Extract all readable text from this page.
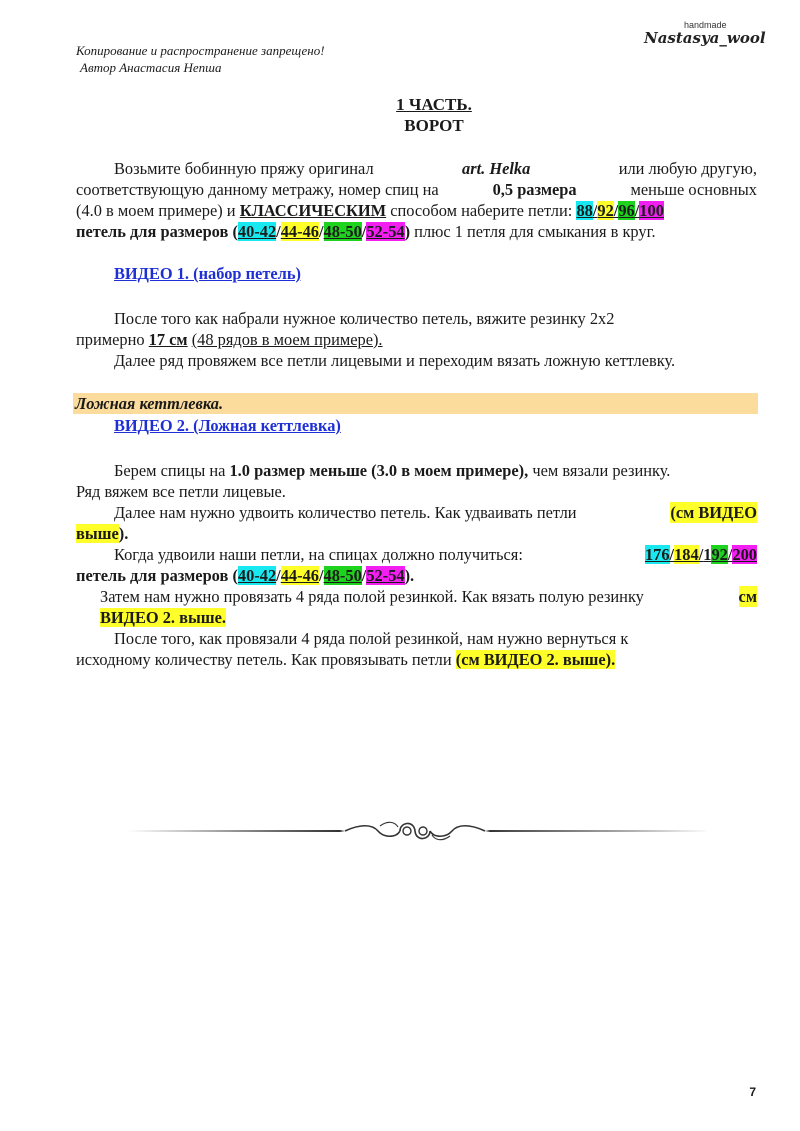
Копирование и распространение запрещено!
Автор Анастасия Непша
handmade
Nastasya_wool
1 ЧАСТЬ.
ВОРОТ
Возьмите бобинную пряжу оригинал	art. Helka	или любую другую,
соответствующую данному метражу, номер спиц на	0,5 размера	меньше основных
(4.0 в моем примере) и КЛАССИЧЕСКИМ способом наберите петли: 88/92/96/100
петель для размеров (40-42/44-46/48-50/52-54) плюс 1 петля для смыкания в круг.
ВИДЕО 1. (набор петель)
После того как набрали нужное количество петель, вяжите резинку 2х2
примерно 17 см (48 рядов в моем примере).
Далее ряд провяжем все петли лицевыми и переходим вязать ложную кеттлевку.
Ложная кеттлевка.
ВИДЕО 2. (Ложная кеттлевка)
Берем спицы на 1.0 размер меньше (3.0 в моем примере), чем вязали резинку.
Ряд вяжем все петли лицевые.
Далее нам нужно удвоить количество петель. Как удваивать петли	(см ВИДЕО
выше).
Когда удвоили наши петли, на спицах должно получиться:	176/184/192/200
петель для размеров (40-42/44-46/48-50/52-54).
Затем нам нужно провязать 4 ряда полой резинкой. Как вязать полую резинку	см
ВИДЕО 2. выше.
После того, как провязали 4 ряда полой резинкой, нам нужно вернуться к
исходному количеству петель. Как провязывать петли (см ВИДЕО 2. выше).
7
